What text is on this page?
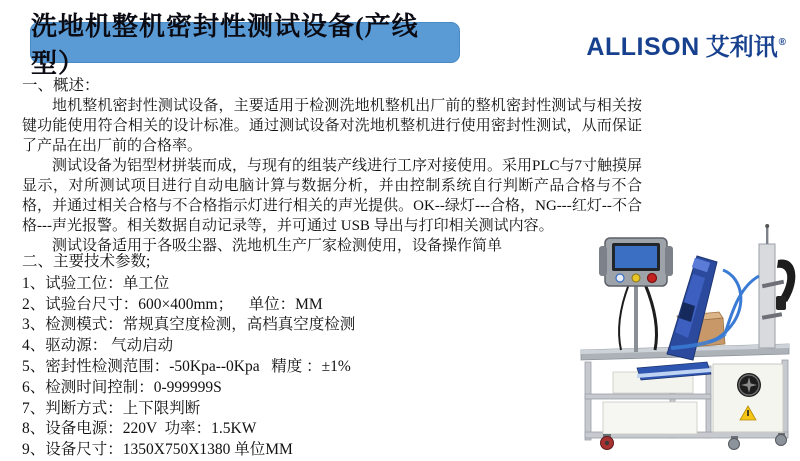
洗地机整机密封性测试设备(产线型）
ALLISON 艾利讯 ®
一、概述：

地机整机密封性测试设备，主要适用于检测洗地机整机出厂前的整机密封性测试与相关按键功能使用符合相关的设计标准。通过测试设备对洗地机整机进行使用密封性测试，从而保证了产品在出厂前的合格率。

测试设备为铝型材拼装而成，与现有的组装产线进行工序对接使用。采用PLC与7寸触摸屏显示，对所测试项目进行自动电脑计算与数据分析，并由控制系统自行判断产品合格与不合格，并通过相关合格与不合格指示灯进行相关的声光提供。OK--绿灯---合格，NG---红灯--不合格---声光报警。相关数据自动记录等，并可通过 USB 导出与打印相关测试内容。

测试设备适用于各吸尘器、洗地机生产厂家检测使用，设备操作简单

二、主要技术参数;
1、试验工位：单工位
2、试验台尺寸：600×400mm；    单位：MM
3、检测模式：常规真空度检测，高档真空度检测
4、驱动源： 气动启动
5、密封性检测范围：-50Kpa--0Kpa   精度 ：±1%
6、检测时间控制：0-999999S
7、判断方式：上下限判断
8、设备电源：220V  功率：1.5KW
9、设备尺寸：1350X750X1380 单位MM
